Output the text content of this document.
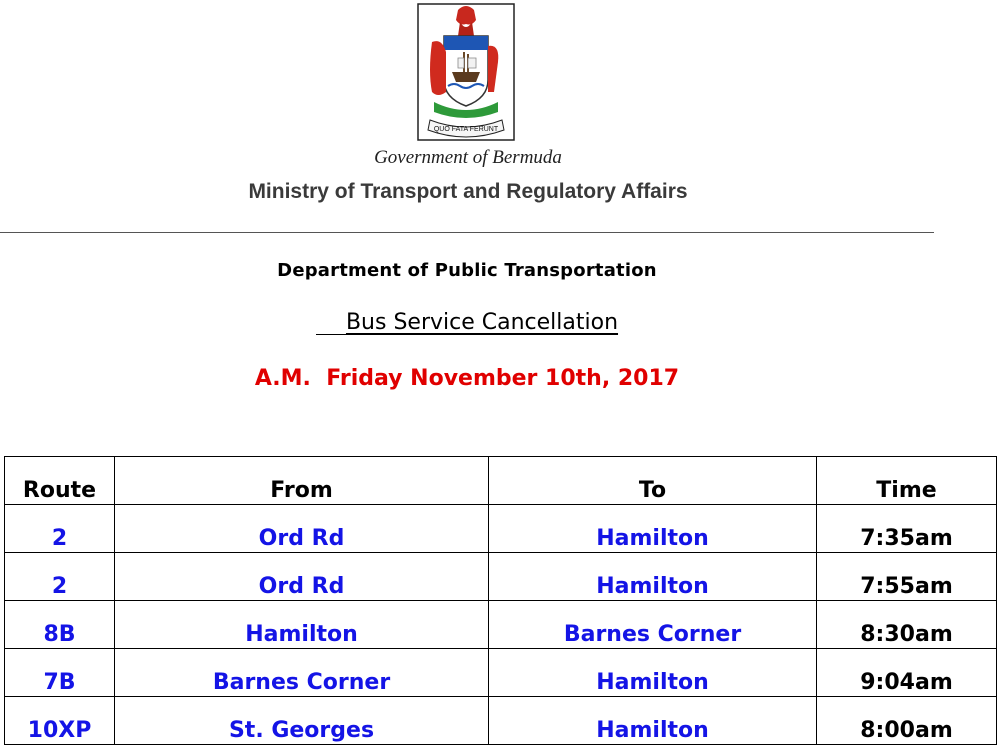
QUO FATA FERUNT
Government of Bermuda
Ministry of Transport and Regulatory Affairs
Department of Public Transportation
Bus Service Cancellation
A.M.  Friday November 10th, 2017
Route	From	To	Time
2	Ord Rd	Hamilton	7:35am
2	Ord Rd	Hamilton	7:55am
8B	Hamilton	Barnes Corner	8:30am
7B	Barnes Corner	Hamilton	9:04am
10XP	St. Georges	Hamilton	8:00am
